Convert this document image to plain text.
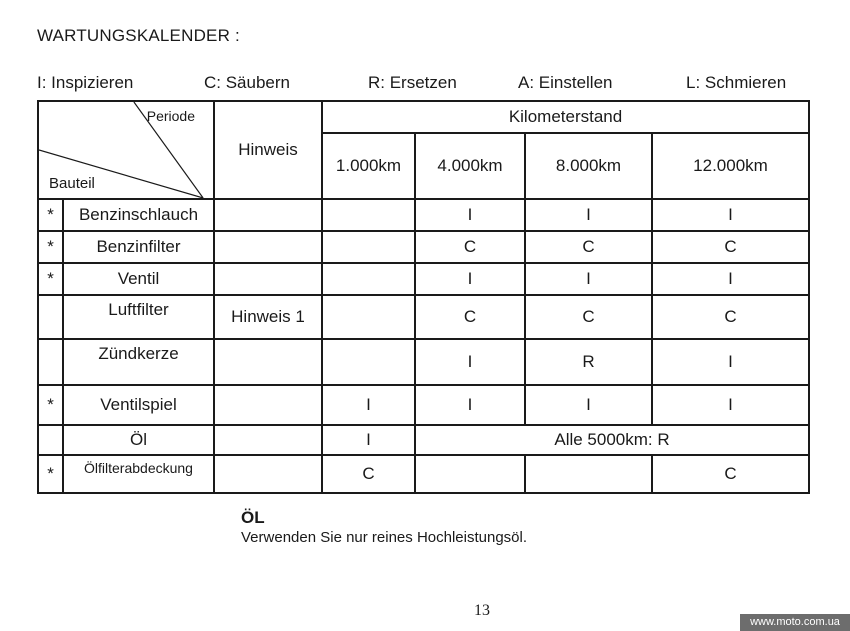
WARTUNGSKALENDER :
I: Inspizieren	C: Säubern	R: Ersetzen	A: Einstellen	L: Schmieren
Periode
Bauteil		Hinweis	Kilometerstand			
			1.000km	4.000km	8.000km	12.000km
*	Benzinschlauch			I	I	I
*	Benzinfilter			C	C	C
*	Ventil			I	I	I
	Luftfilter	Hinweis 1		C	C	C
	Zündkerze			I	R	I
*	Ventilspiel		I	I	I	I
	Öl		I	Alle 5000km: R		
*	Ölfilterabdeckung		C			C
ÖL
Verwenden Sie nur reines Hochleistungsöl.
13
www.moto.com.ua
